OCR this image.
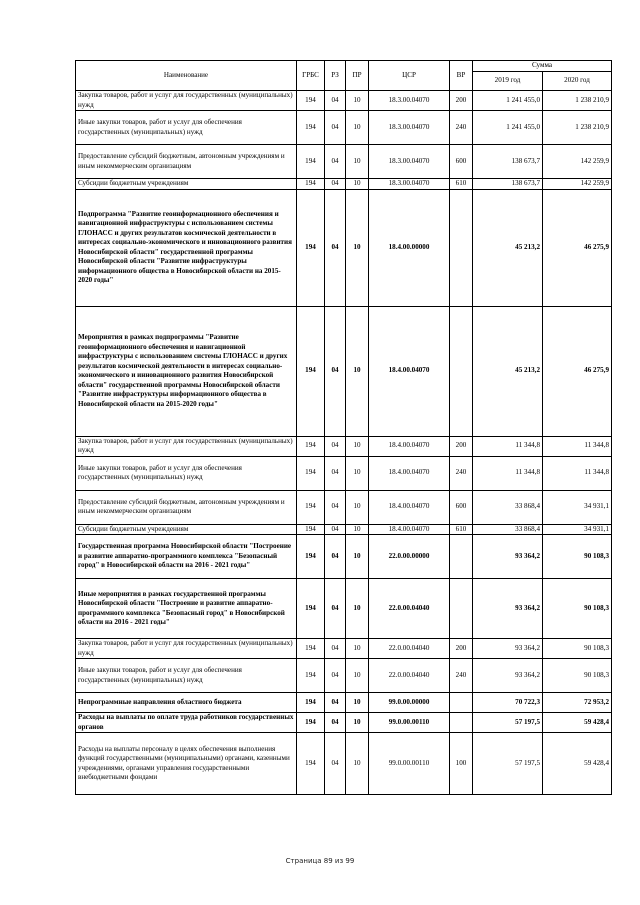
Наименование	ГРБС	РЗ	ПР	ЦСР	ВР	Сумма	
						2019 год	2020 год
Закупка товаров, работ и услуг для государственных (муниципальных) нужд	194	04	10	18.3.00.04070	200	1 241 455,0	1 238 210,9
Иные закупки товаров, работ и услуг для обеспечения государственных (муниципальных) нужд	194	04	10	18.3.00.04070	240	1 241 455,0	1 238 210,9
Предоставление субсидий бюджетным, автономным учреждениям и иным некоммерческим организациям	194	04	10	18.3.00.04070	600	138 673,7	142 259,9
Субсидии бюджетным учреждениям	194	04	10	18.3.00.04070	610	138 673,7	142 259,9
Подпрограмма "Развитие геоинформационного обеспечения и навигационной инфраструктуры с использованием системы ГЛОНАСС и других результатов космической деятельности в интересах социально-экономического и инновационного развития Новосибирской области" государственной программы Новосибирской области "Развитие инфраструктуры информационного общества в Новосибирской области на 2015-2020 годы"	194	04	10	18.4.00.00000		45 213,2	46 275,9
Мероприятия в рамках подпрограммы "Развитие геоинформационного обеспечения и навигационной инфраструктуры с использованием системы ГЛОНАСС и других результатов космической деятельности в интересах социально-экономического и инновационного развития Новосибирской области" государственной программы Новосибирской области "Развитие инфраструктуры информационного общества в Новосибирской области на 2015-2020 годы"	194	04	10	18.4.00.04070		45 213,2	46 275,9
Закупка товаров, работ и услуг для государственных (муниципальных) нужд	194	04	10	18.4.00.04070	200	11 344,8	11 344,8
Иные закупки товаров, работ и услуг для обеспечения государственных (муниципальных) нужд	194	04	10	18.4.00.04070	240	11 344,8	11 344,8
Предоставление субсидий бюджетным, автономным учреждениям и иным некоммерческим организациям	194	04	10	18.4.00.04070	600	33 868,4	34 931,1
Субсидии бюджетным учреждениям	194	04	10	18.4.00.04070	610	33 868,4	34 931,1
Государственная программа Новосибирской области "Построение и развитие аппаратно-программного комплекса "Безопасный город" в Новосибирской области на 2016 - 2021 годы"	194	04	10	22.0.00.00000		93 364,2	90 108,3
Иные мероприятия в рамках государственной программы Новосибирской области "Построение и развитие аппаратно-программного комплекса "Безопасный город" в Новосибирской области на 2016 - 2021 годы"	194	04	10	22.0.00.04040		93 364,2	90 108,3
Закупка товаров, работ и услуг для государственных (муниципальных) нужд	194	04	10	22.0.00.04040	200	93 364,2	90 108,3
Иные закупки товаров, работ и услуг для обеспечения государственных (муниципальных) нужд	194	04	10	22.0.00.04040	240	93 364,2	90 108,3
Непрограммные направления областного бюджета	194	04	10	99.0.00.00000		70 722,3	72 953,2
Расходы на выплаты по оплате труда работников государственных органов	194	04	10	99.0.00.00110		57 197,5	59 428,4
Расходы на выплаты персоналу в целях обеспечения выполнения функций государственными (муниципальными) органами, казенными учреждениями, органами управления государственными внебюджетными фондами	194	04	10	99.0.00.00110	100	57 197,5	59 428,4
Страница 89 из 99
